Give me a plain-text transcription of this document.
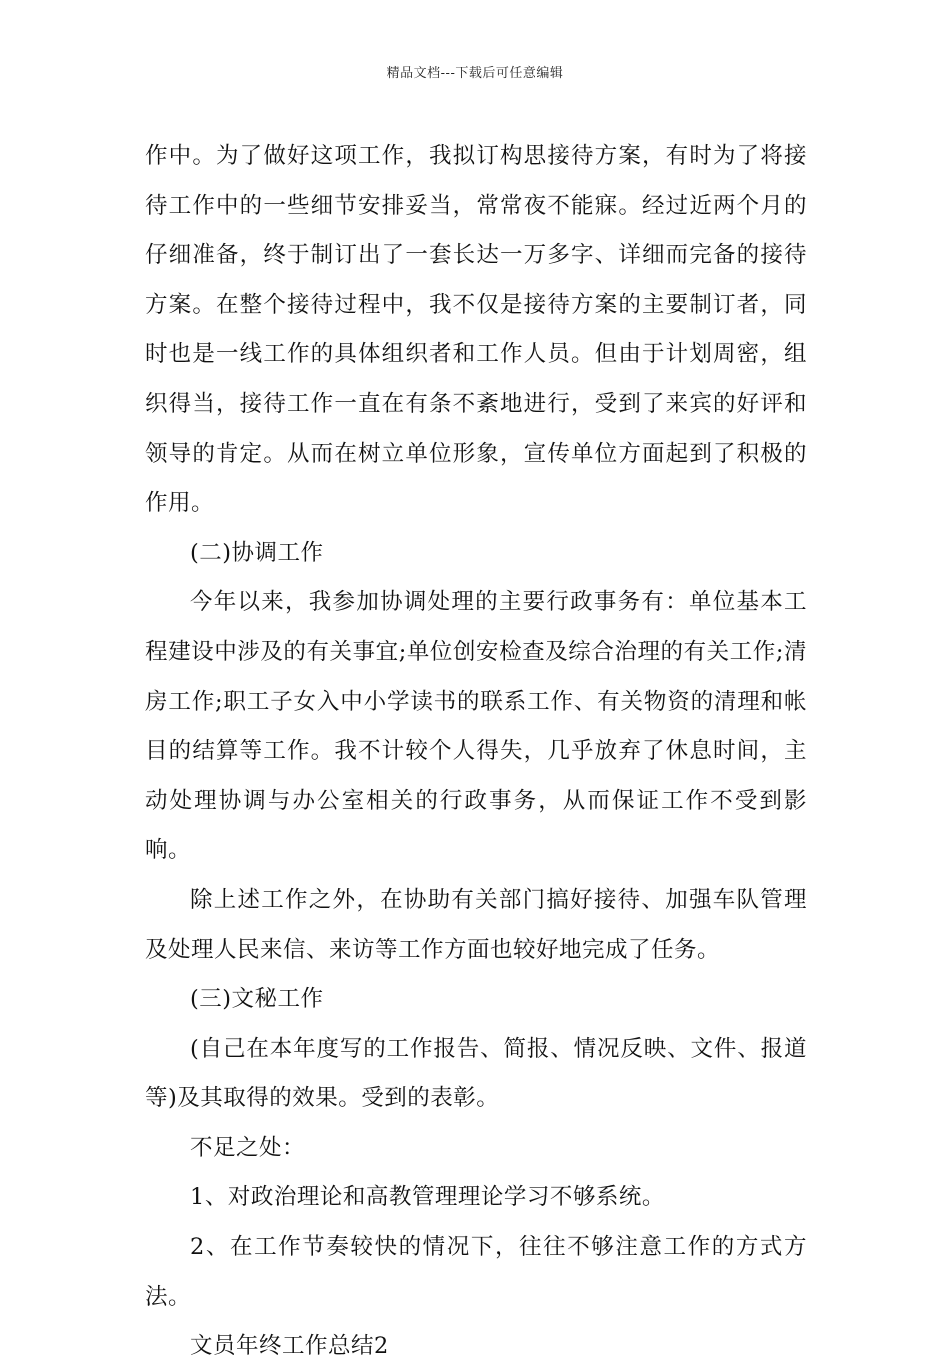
精品文档---下载后可任意编辑

作中。为了做好这项工作，我拟订构思接待方案，有时为了将接待工作中的一些细节安排妥当，常常夜不能寐。经过近两个月的仔细准备，终于制订出了一套长达一万多字、详细而完备的接待方案。在整个接待过程中，我不仅是接待方案的主要制订者，同时也是一线工作的具体组织者和工作人员。但由于计划周密，组织得当，接待工作一直在有条不紊地进行，受到了来宾的好评和领导的肯定。从而在树立单位形象，宣传单位方面起到了积极的作用。

(二)协调工作

今年以来，我参加协调处理的主要行政事务有：单位基本工程建设中涉及的有关事宜;单位创安检查及综合治理的有关工作;清房工作;职工子女入中小学读书的联系工作、有关物资的清理和帐目的结算等工作。我不计较个人得失，几乎放弃了休息时间，主动处理协调与办公室相关的行政事务，从而保证工作不受到影响。

除上述工作之外，在协助有关部门搞好接待、加强车队管理及处理人民来信、来访等工作方面也较好地完成了任务。

(三)文秘工作

(自己在本年度写的工作报告、简报、情况反映、文件、报道等)及其取得的效果。受到的表彰。

不足之处：

1、对政治理论和高教管理理论学习不够系统。

2、在工作节奏较快的情况下，往往不够注意工作的方式方法。

文员年终工作总结2
